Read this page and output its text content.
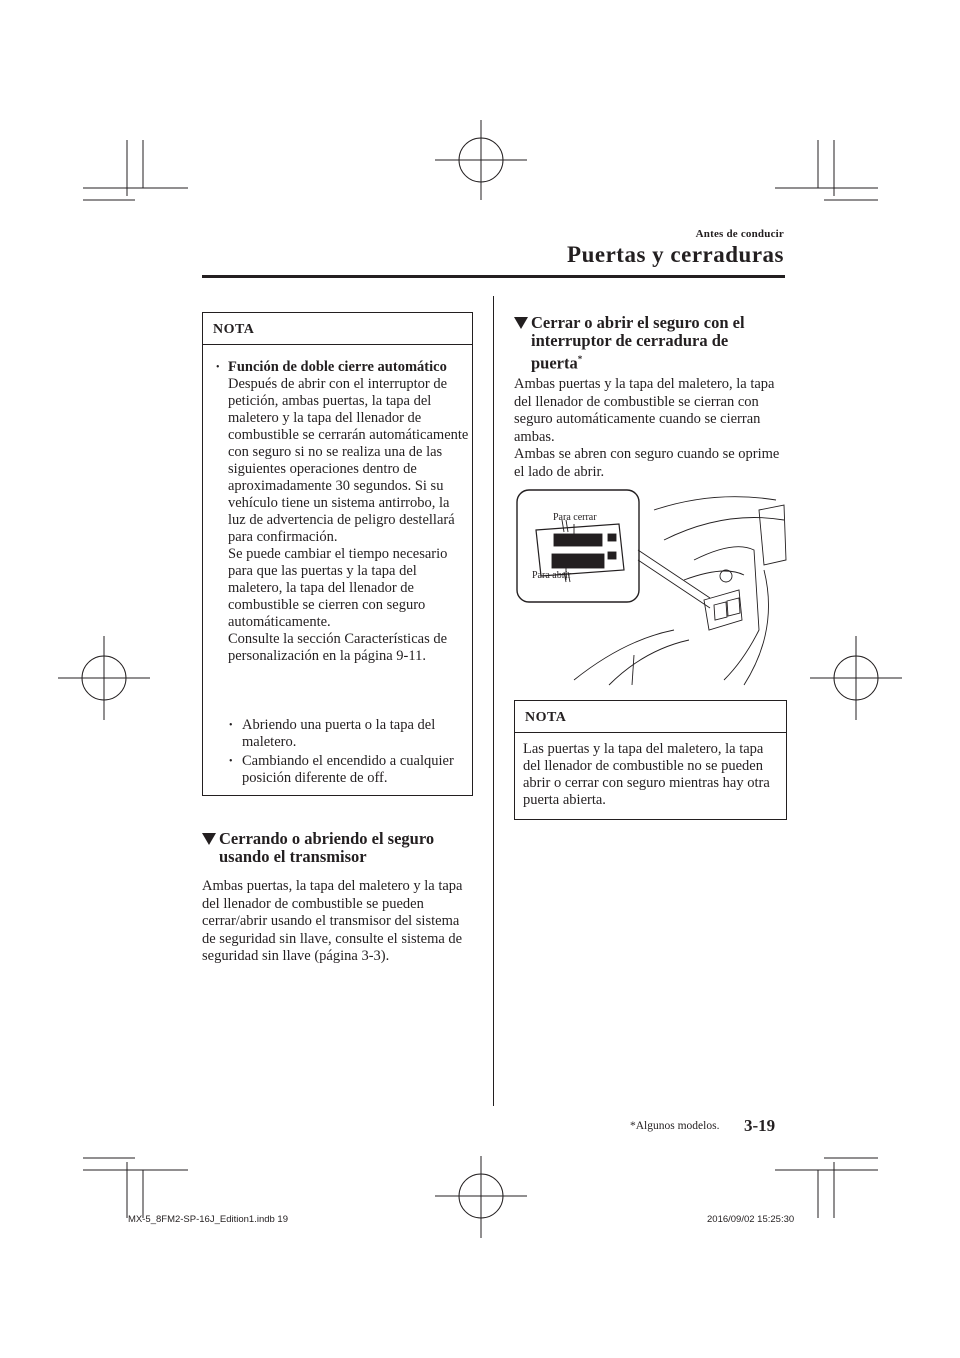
Antes de conducir
Puertas y cerraduras
NOTA
• Función de doble cierre automático
Después de abrir con el interruptor de petición, ambas puertas, la tapa del maletero y la tapa del llenador de combustible se cerrarán automáticamente con seguro si no se realiza una de las siguientes operaciones dentro de aproximadamente 30 segundos. Si su vehículo tiene un sistema antirrobo, la luz de advertencia de peligro destellará para confirmación.
Se puede cambiar el tiempo necesario para que las puertas y la tapa del maletero, la tapa del llenador de combustible se cierren con seguro automáticamente.
Consulte la sección Características de personalización en la página 9-11.
• Abriendo una puerta o la tapa del maletero.
• Cambiando el encendido a cualquier posición diferente de off.
Cerrando o abriendo el seguro usando el transmisor
Ambas puertas, la tapa del maletero y la tapa del llenador de combustible se pueden cerrar/abrir usando el transmisor del sistema de seguridad sin llave, consulte el sistema de seguridad sin llave (página 3-3).
Cerrar o abrir el seguro con el interruptor de cerradura de puerta*
Ambas puertas y la tapa del maletero, la tapa del llenador de combustible se cierran con seguro automáticamente cuando se cierran ambas.
Ambas se abren con seguro cuando se oprime el lado de abrir.
Para cerrar
Para abrir
NOTA
Las puertas y la tapa del maletero, la tapa del llenador de combustible no se pueden abrir o cerrar con seguro mientras hay otra puerta abierta.
*Algunos modelos. 3-19
MX-5_8FM2-SP-16J_Edition1.indb 19	2016/09/02 15:25:30
